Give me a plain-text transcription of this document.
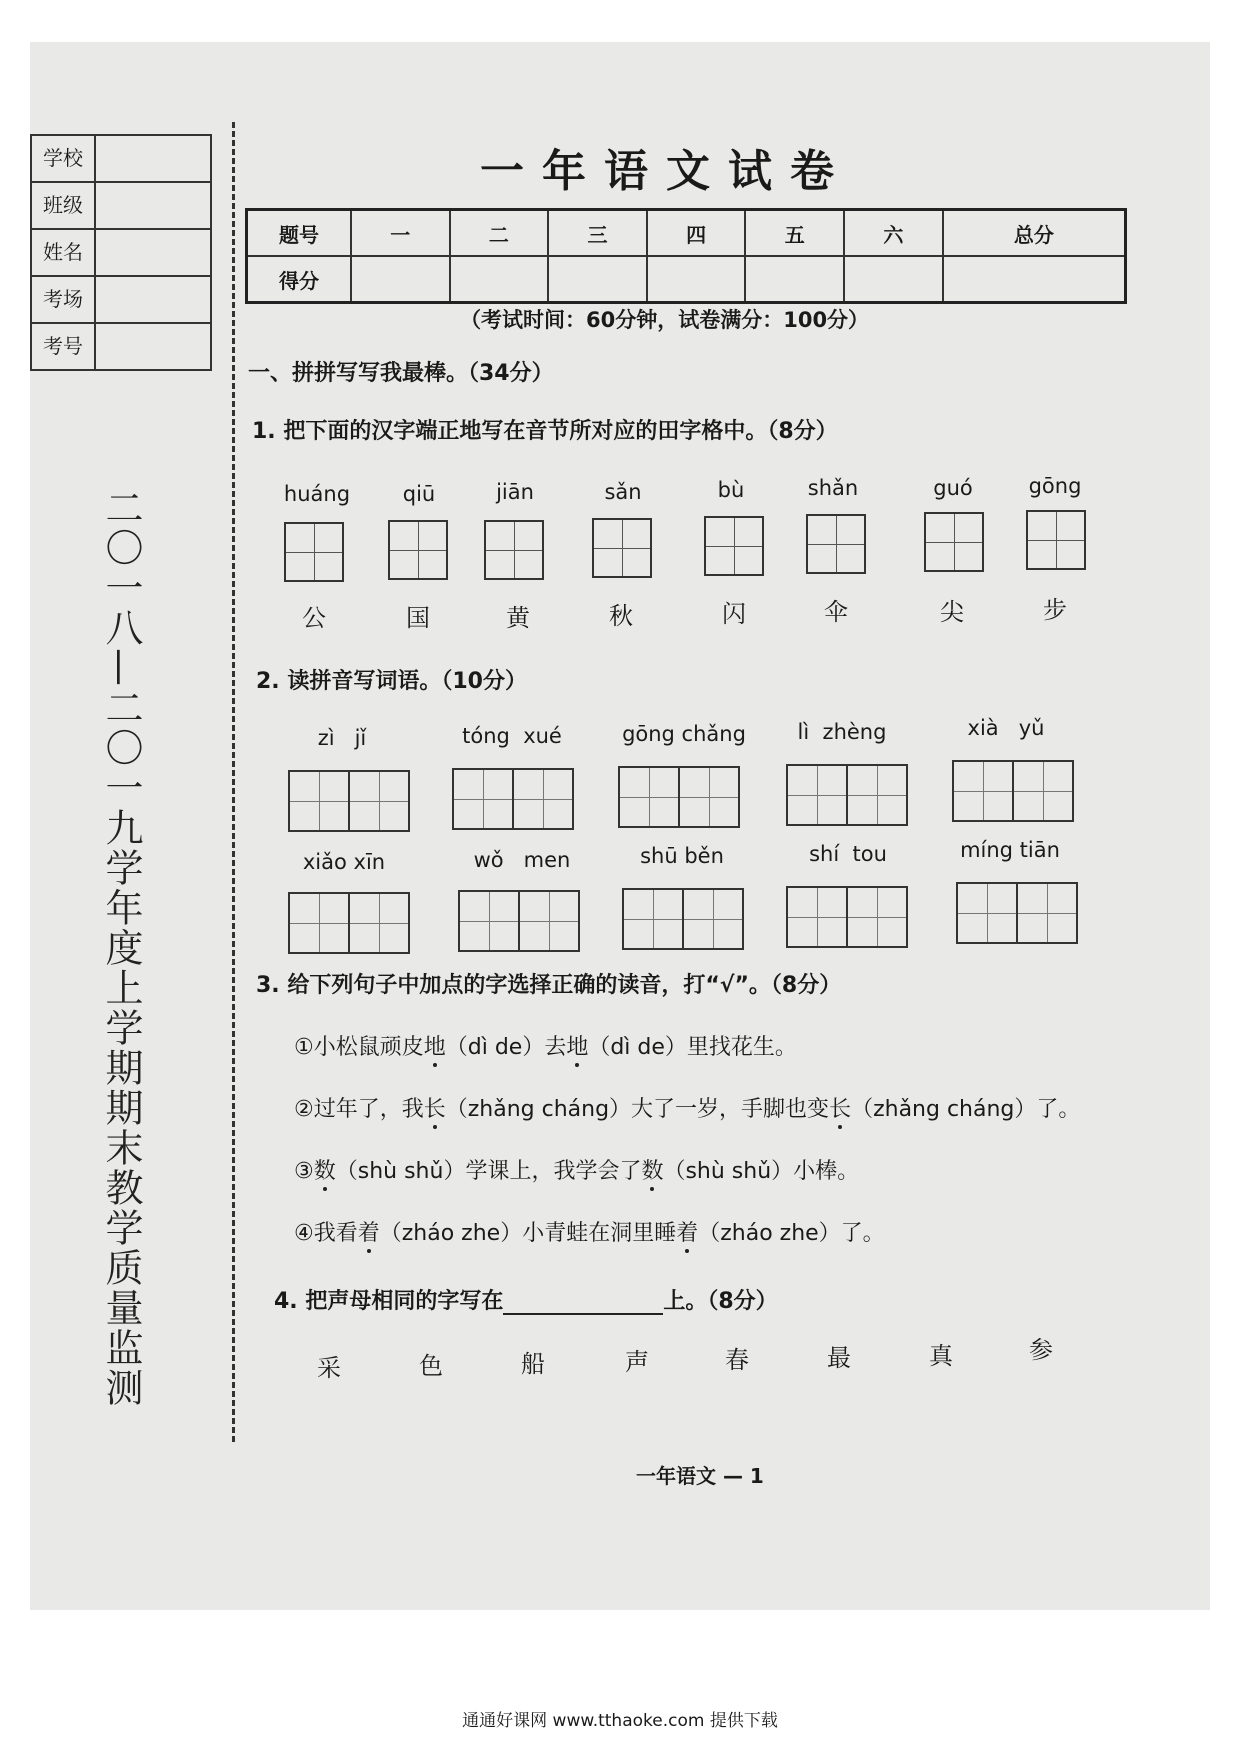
学校
班级
姓名
考场
考号
二〇一八—二〇一九学年度上学期期末教学质量监测
一年语文试卷
题号	一	二	三	四	五	六	总分
得分							
（考试时间：60分钟，试卷满分：100分）
一、拼拼写写我最棒。（34分）
1. 把下面的汉字端正地写在音节所对应的田字格中。（8分）
huáng	qiū	jiān	sǎn	bù	shǎn	guó	gōng
公	国	黄	秋	闪	伞	尖	步
2. 读拼音写词语。（10分）
zì   jǐ	tóng  xué	gōng chǎng	lì  zhèng	xià   yǔ
xiǎo xīn	wǒ   men	shū běn	shí  tou	míng tiān
3. 给下列句子中加点的字选择正确的读音，打“√”。（8分）
①小松鼠顽皮地（dì de）去地（dì de）里找花生。
②过年了，我长（zhǎng cháng）大了一岁，手脚也变长（zhǎng cháng）了。
③数（shù shǔ）学课上，我学会了数（shù shǔ）小棒。
④我看着（zháo zhe）小青蛙在洞里睡着（zháo zhe）了。
4. 把声母相同的字写在	上。（8分）
采	色	船	声	春	最	真	参
一年语文 — 1
通通好课网 www.tthaoke.com 提供下载
